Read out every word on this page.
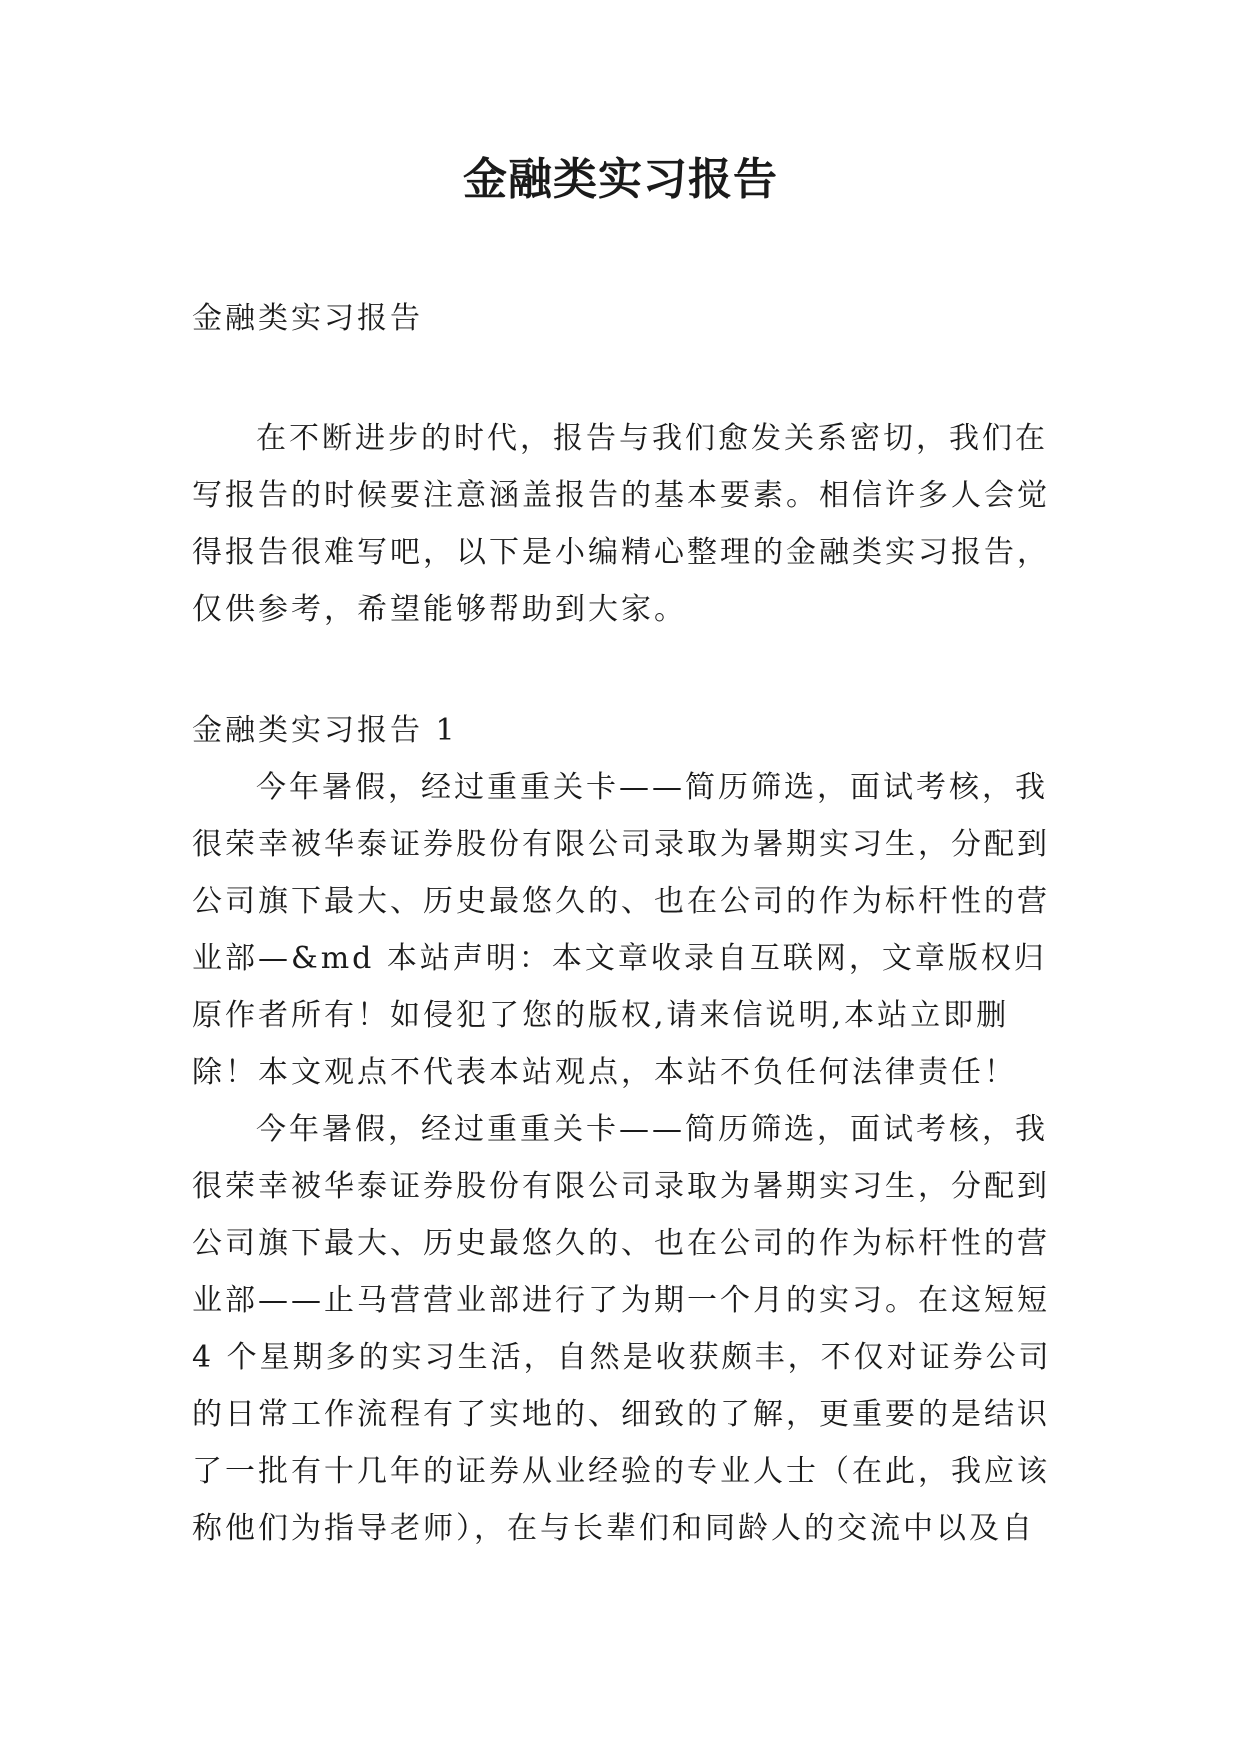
金融类实习报告

金融类实习报告

在不断进步的时代，报告与我们愈发关系密切，我们在写报告的时候要注意涵盖报告的基本要素。相信许多人会觉得报告很难写吧，以下是小编精心整理的金融类实习报告，仅供参考，希望能够帮助到大家。

金融类实习报告 1

今年暑假，经过重重关卡——简历筛选，面试考核，我很荣幸被华泰证券股份有限公司录取为暑期实习生，分配到公司旗下最大、历史最悠久的、也在公司的作为标杆性的营业部—&md 本站声明：本文章收录自互联网，文章版权归原作者所有！如侵犯了您的版权,请来信说明,本站立即删除！本文观点不代表本站观点，本站不负任何法律责任！

今年暑假，经过重重关卡——简历筛选，面试考核，我很荣幸被华泰证券股份有限公司录取为暑期实习生，分配到公司旗下最大、历史最悠久的、也在公司的作为标杆性的营业部——止马营营业部进行了为期一个月的实习。在这短短 4 个星期多的实习生活，自然是收获颇丰，不仅对证券公司的日常工作流程有了实地的、细致的了解，更重要的是结识了一批有十几年的证券从业经验的专业人士（在此，我应该称他们为指导老师），在与长辈们和同龄人的交流中以及自
